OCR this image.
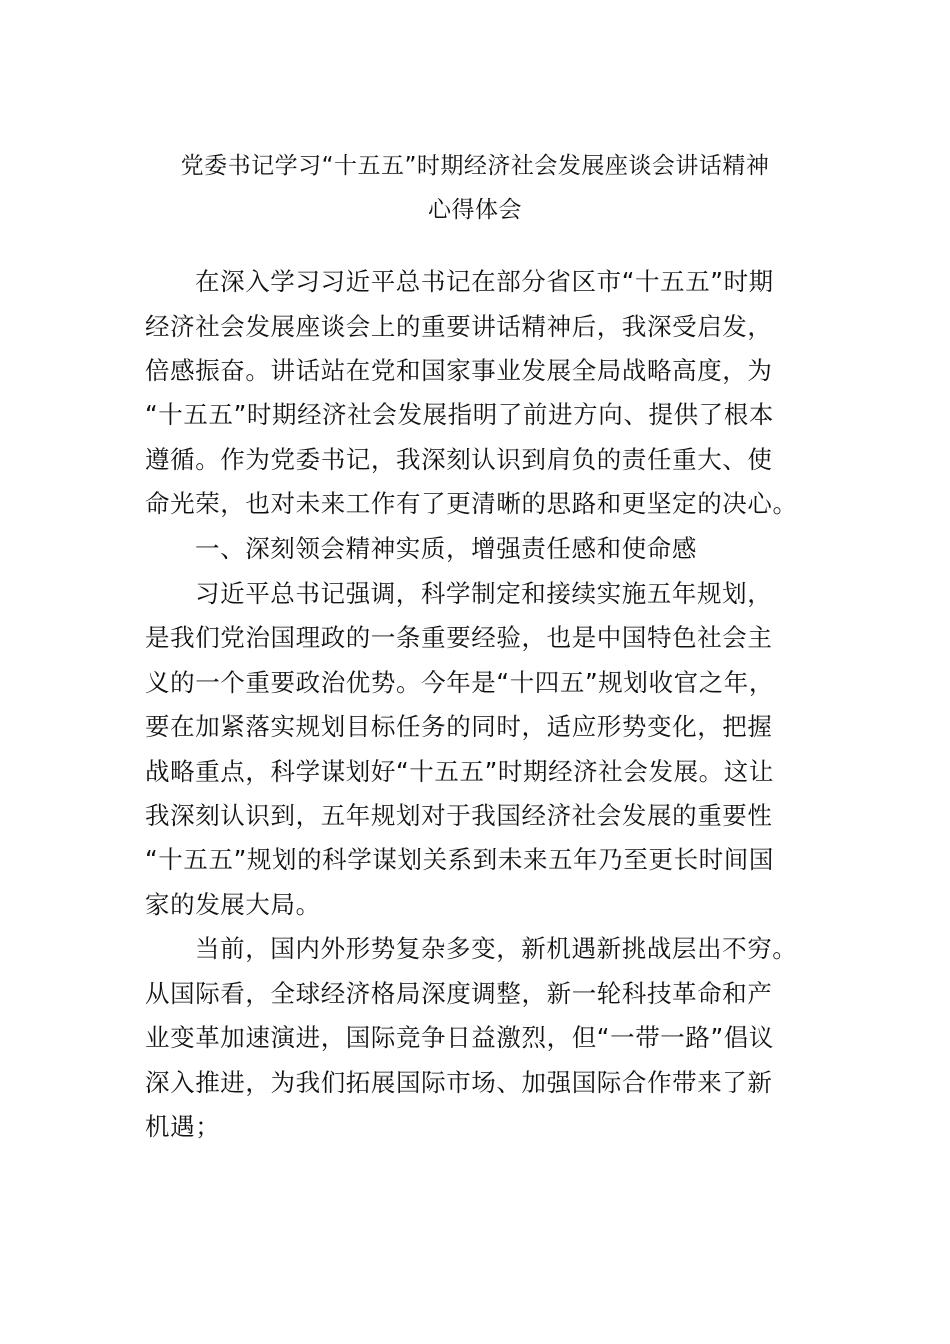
党委书记学习“十五五”时期经济社会发展座谈会讲话精神
心得体会
在深入学习习近平总书记在部分省区市“十五五”时期
经济社会发展座谈会上的重要讲话精神后，我深受启发，
倍感振奋。讲话站在党和国家事业发展全局战略高度，为
“十五五”时期经济社会发展指明了前进方向、提供了根本
遵循。作为党委书记，我深刻认识到肩负的责任重大、使
命光荣，也对未来工作有了更清晰的思路和更坚定的决心。
一、深刻领会精神实质，增强责任感和使命感
习近平总书记强调，科学制定和接续实施五年规划，
是我们党治国理政的一条重要经验，也是中国特色社会主
义的一个重要政治优势。今年是“十四五”规划收官之年，
要在加紧落实规划目标任务的同时，适应形势变化，把握
战略重点，科学谋划好“十五五”时期经济社会发展。这让
我深刻认识到，五年规划对于我国经济社会发展的重要性
“十五五”规划的科学谋划关系到未来五年乃至更长时间国
家的发展大局。
当前，国内外形势复杂多变，新机遇新挑战层出不穷。
从国际看，全球经济格局深度调整，新一轮科技革命和产
业变革加速演进，国际竞争日益激烈，但“一带一路”倡议
深入推进，为我们拓展国际市场、加强国际合作带来了新
机遇；
